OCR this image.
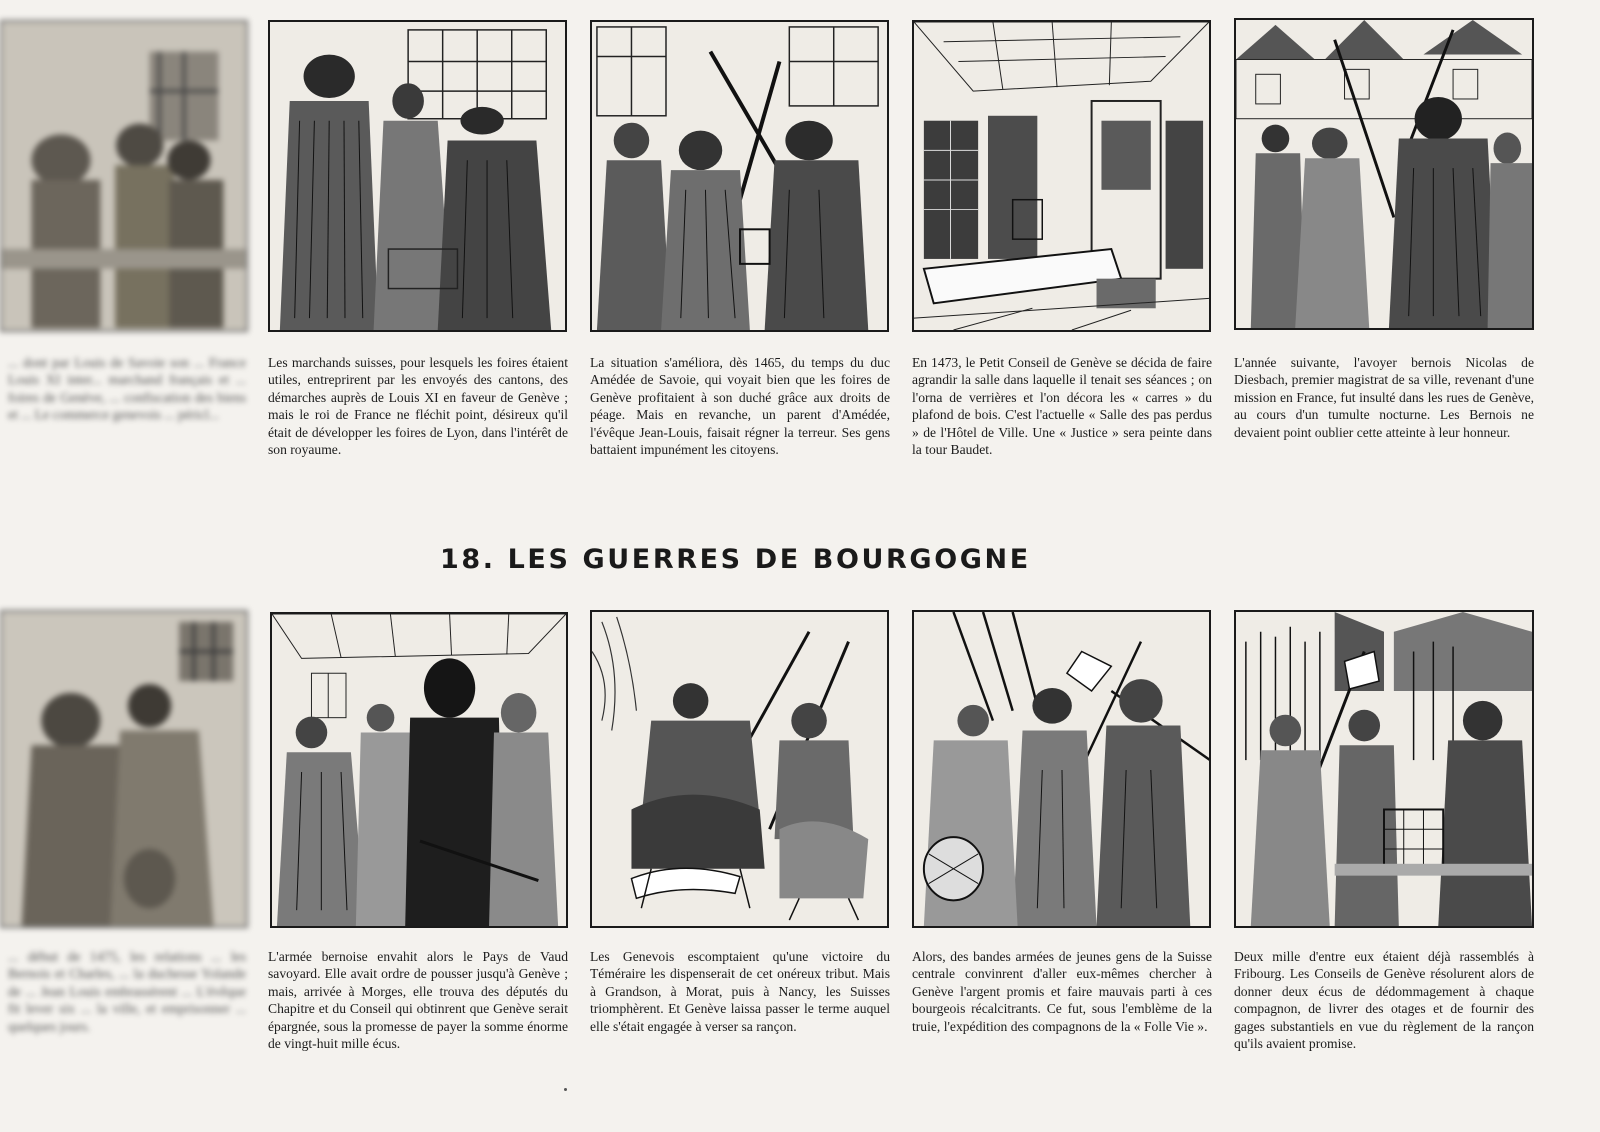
... dont par Louis de Savoie son ... France Louis XI inter... marchand français et ... foires de Genève, ... confiscation des biens et ... Le commerce genevois ... péricl...

Les marchands suisses, pour lesquels les foires étaient utiles, entreprirent par les envoyés des cantons, des démarches auprès de Louis XI en faveur de Genève ; mais le roi de France ne fléchit point, désireux qu'il était de développer les foires de Lyon, dans l'intérêt de son royaume.

La situation s'améliora, dès 1465, du temps du duc Amédée de Savoie, qui voyait bien que les foires de Genève profitaient à son duché grâce aux droits de péage. Mais en revanche, un parent d'Amédée, l'évêque Jean-Louis, faisait régner la terreur. Ses gens battaient impunément les citoyens.

En 1473, le Petit Conseil de Genève se décida de faire agrandir la salle dans laquelle il tenait ses séances ; on l'orna de verrières et l'on décora les « carres » du plafond de bois. C'est l'actuelle « Salle des pas perdus » de l'Hôtel de Ville. Une « Justice » sera peinte dans la tour Baudet.

L'année suivante, l'avoyer bernois Nicolas de Diesbach, premier magistrat de sa ville, revenant d'une mission en France, fut insulté dans les rues de Genève, au cours d'un tumulte nocturne. Les Bernois ne devaient point oublier cette atteinte à leur honneur.

18. LES GUERRES DE BOURGOGNE

... début de 1475, les relations ... les Bernois et Charles, ... la duchesse Yolande de ... Jean Louis embrassèrent ... L'évêque fit lever six ... la ville, et emprisonner ... quelques jours.

L'armée bernoise envahit alors le Pays de Vaud savoyard. Elle avait ordre de pousser jusqu'à Genève ; mais, arrivée à Morges, elle trouva des députés du Chapitre et du Conseil qui obtinrent que Genève serait épargnée, sous la promesse de payer la somme énorme de vingt-huit mille écus.

Les Genevois escomptaient qu'une victoire du Téméraire les dispenserait de cet onéreux tribut. Mais à Grandson, à Morat, puis à Nancy, les Suisses triomphèrent. Et Genève laissa passer le terme auquel elle s'était engagée à verser sa rançon.

Alors, des bandes armées de jeunes gens de la Suisse centrale convinrent d'aller eux-mêmes chercher à Genève l'argent promis et faire mauvais parti à ces bourgeois récalcitrants. Ce fut, sous l'emblème de la truie, l'expédition des compagnons de la « Folle Vie ».

Deux mille d'entre eux étaient déjà rassemblés à Fribourg. Les Conseils de Genève résolurent alors de donner deux écus de dédommagement à chaque compagnon, de livrer des otages et de fournir des gages substantiels en vue du règlement de la rançon qu'ils avaient promise.
